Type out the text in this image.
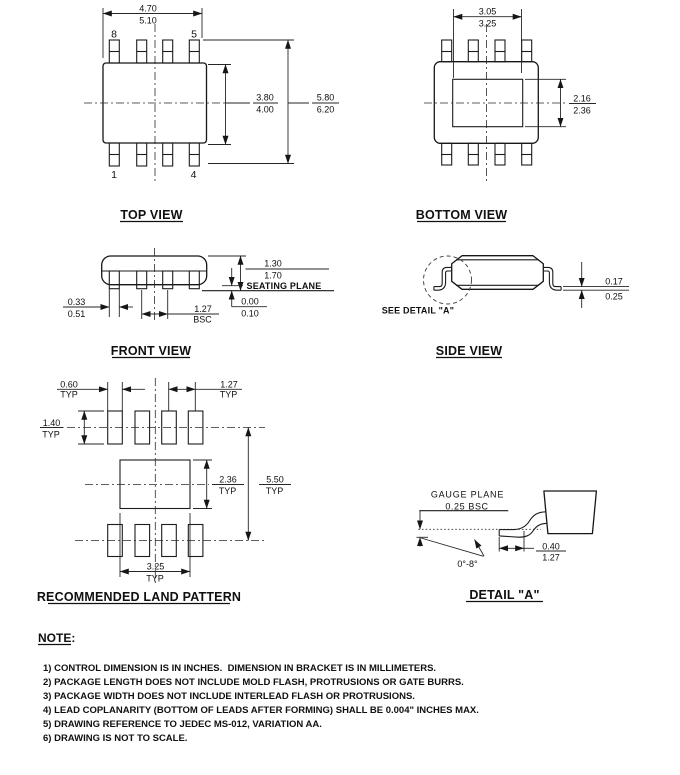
4.70
5.10
3.80
4.00
5.80
6.20
8	5
1	4
TOP VIEW
3.05
3.25
2.16
2.36
BOTTOM VIEW
1.30
1.70
SEATING PLANE
0.00
0.10
0.33
0.51	1.27
BSC
FRONT VIEW
0.17
0.25
SEE DETAIL "A"
SIDE VIEW
0.60
TYP
1.27
TYP
1.40
TYP
2.36
TYP
5.50
TYP
3.25
TYP
RECOMMENDED LAND PATTERN
GAUGE PLANE
0.25 BSC
0.40
1.27
0°-8°
DETAIL "A"
NOTE:
1) CONTROL DIMENSION IS IN INCHES.  DIMENSION IN BRACKET IS IN MILLIMETERS.
2) PACKAGE LENGTH DOES NOT INCLUDE MOLD FLASH, PROTRUSIONS OR GATE BURRS.
3) PACKAGE WIDTH DOES NOT INCLUDE INTERLEAD FLASH OR PROTRUSIONS.
4) LEAD COPLANARITY (BOTTOM OF LEADS AFTER FORMING) SHALL BE 0.004" INCHES MAX.
5) DRAWING REFERENCE TO JEDEC MS-012, VARIATION AA.
6) DRAWING IS NOT TO SCALE.
